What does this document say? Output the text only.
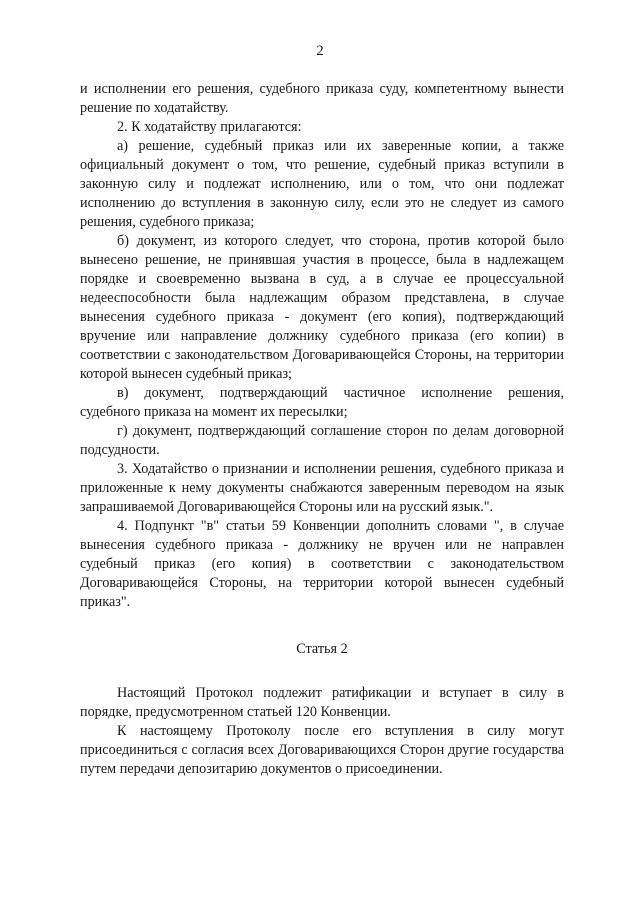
2

и исполнении его решения, судебного приказа суду, компетентному вынести решение по ходатайству.

2. К ходатайству прилагаются:

а) решение, судебный приказ или их заверенные копии, а также официальный документ о том, что решение, судебный приказ вступили в законную силу и подлежат исполнению, или о том, что они подлежат исполнению до вступления в законную силу, если это не следует из самого решения, судебного приказа;

б) документ, из которого следует, что сторона, против которой было вынесено решение, не принявшая участия в процессе, была в надлежащем порядке и своевременно вызвана в суд, а в случае ее процессуальной недееспособности была надлежащим образом представлена, в случае вынесения судебного приказа - документ (его копия), подтверждающий вручение или направление должнику судебного приказа (его копии) в соответствии с законодательством Договаривающейся Стороны, на территории которой вынесен судебный приказ;

в) документ, подтверждающий частичное исполнение решения, судебного приказа на момент их пересылки;

г) документ, подтверждающий соглашение сторон по делам договорной подсудности.

3. Ходатайство о признании и исполнении решения, судебного приказа и приложенные к нему документы снабжаются заверенным переводом на язык запрашиваемой Договаривающейся Стороны или на русский язык.".

4. Подпункт "в" статьи 59 Конвенции дополнить словами ", в случае вынесения судебного приказа - должнику не вручен или не направлен судебный приказ (его копия) в соответствии с законодательством Договаривающейся Стороны, на территории которой вынесен судебный приказ".

Статья 2

Настоящий Протокол подлежит ратификации и вступает в силу в порядке, предусмотренном статьей 120 Конвенции.

К настоящему Протоколу после его вступления в силу могут присоединиться с согласия всех Договаривающихся Сторон другие государства путем передачи депозитарию документов о присоединении.
